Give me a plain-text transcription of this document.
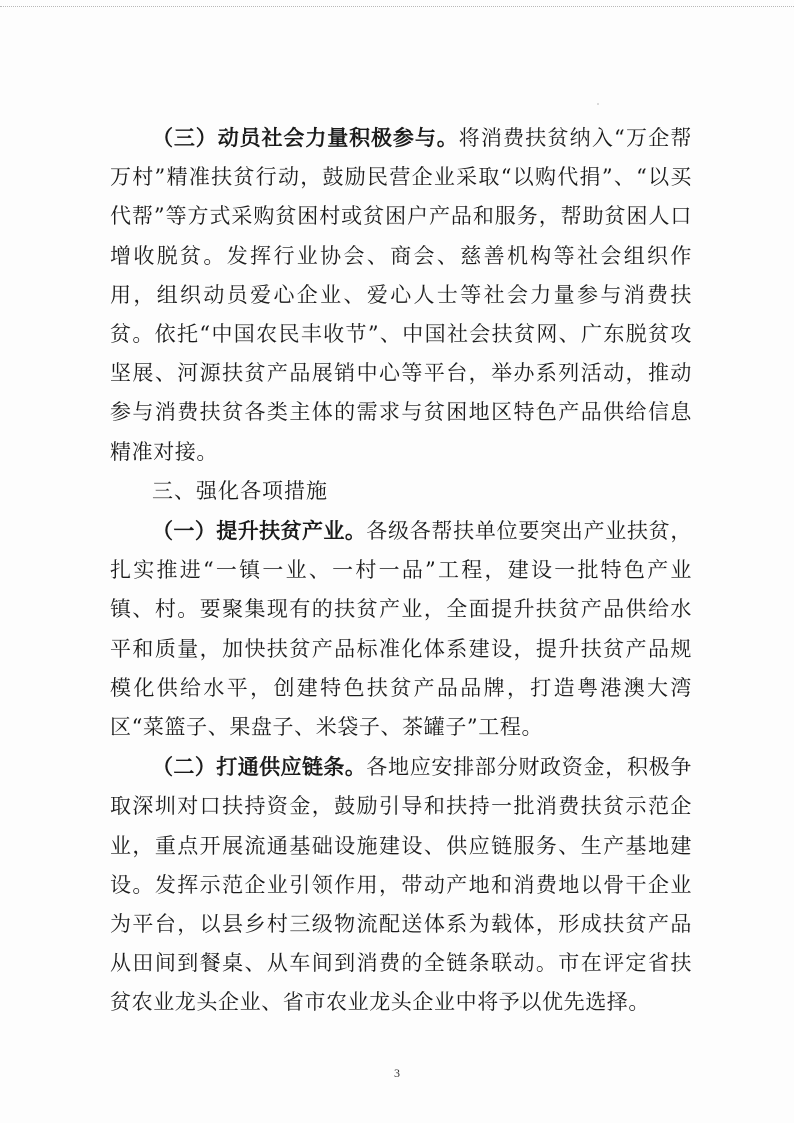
（三）动员社会力量积极参与。将消费扶贫纳入“万企帮万村”精准扶贫行动，鼓励民营企业采取“以购代捐”、“以买代帮”等方式采购贫困村或贫困户产品和服务，帮助贫困人口增收脱贫。发挥行业协会、商会、慈善机构等社会组织作用，组织动员爱心企业、爱心人士等社会力量参与消费扶贫。依托“中国农民丰收节”、中国社会扶贫网、广东脱贫攻坚展、河源扶贫产品展销中心等平台，举办系列活动，推动参与消费扶贫各类主体的需求与贫困地区特色产品供给信息精准对接。

三、强化各项措施

（一）提升扶贫产业。各级各帮扶单位要突出产业扶贫，扎实推进“一镇一业、一村一品”工程，建设一批特色产业镇、村。要聚集现有的扶贫产业，全面提升扶贫产品供给水平和质量，加快扶贫产品标准化体系建设，提升扶贫产品规模化供给水平，创建特色扶贫产品品牌，打造粤港澳大湾区“菜篮子、果盘子、米袋子、茶罐子”工程。

（二）打通供应链条。各地应安排部分财政资金，积极争取深圳对口扶持资金，鼓励引导和扶持一批消费扶贫示范企业，重点开展流通基础设施建设、供应链服务、生产基地建设。发挥示范企业引领作用，带动产地和消费地以骨干企业为平台，以县乡村三级物流配送体系为载体，形成扶贫产品从田间到餐桌、从车间到消费的全链条联动。市在评定省扶贫农业龙头企业、省市农业龙头企业中将予以优先选择。

3
